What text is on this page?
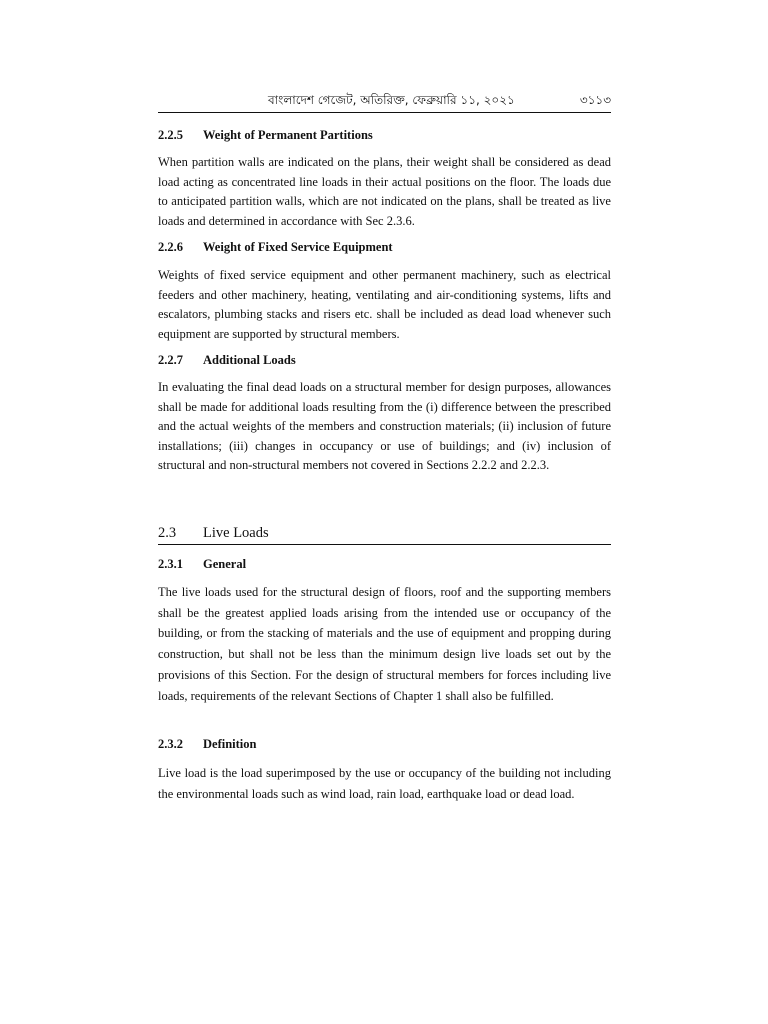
বাংলাদেশ গেজেট, অতিরিক্ত, ফেব্রুয়ারি ১১, ২০২১	৩১১৩
2.2.5 Weight of Permanent Partitions

When partition walls are indicated on the plans, their weight shall be considered as dead load acting as concentrated line loads in their actual positions on the floor. The loads due to anticipated partition walls, which are not indicated on the plans, shall be treated as live loads and determined in accordance with Sec 2.3.6.

2.2.6 Weight of Fixed Service Equipment

Weights of fixed service equipment and other permanent machinery, such as electrical feeders and other machinery, heating, ventilating and air-conditioning systems, lifts and escalators, plumbing stacks and risers etc. shall be included as dead load whenever such equipment are supported by structural members.

2.2.7 Additional Loads

In evaluating the final dead loads on a structural member for design purposes, allowances shall be made for additional loads resulting from the (i) difference between the prescribed and the actual weights of the members and construction materials; (ii) inclusion of future installations; (iii) changes in occupancy or use of buildings; and (iv) inclusion of structural and non-structural members not covered in Sections 2.2.2 and 2.2.3.

2.3 Live Loads
2.3.1 General

The live loads used for the structural design of floors, roof and the supporting members shall be the greatest applied loads arising from the intended use or occupancy of the building, or from the stacking of materials and the use of equipment and propping during construction, but shall not be less than the minimum design live loads set out by the provisions of this Section. For the design of structural members for forces including live loads, requirements of the relevant Sections of Chapter 1 shall also be fulfilled.

2.3.2 Definition

Live load is the load superimposed by the use or occupancy of the building not including the environmental loads such as wind load, rain load, earthquake load or dead load.
